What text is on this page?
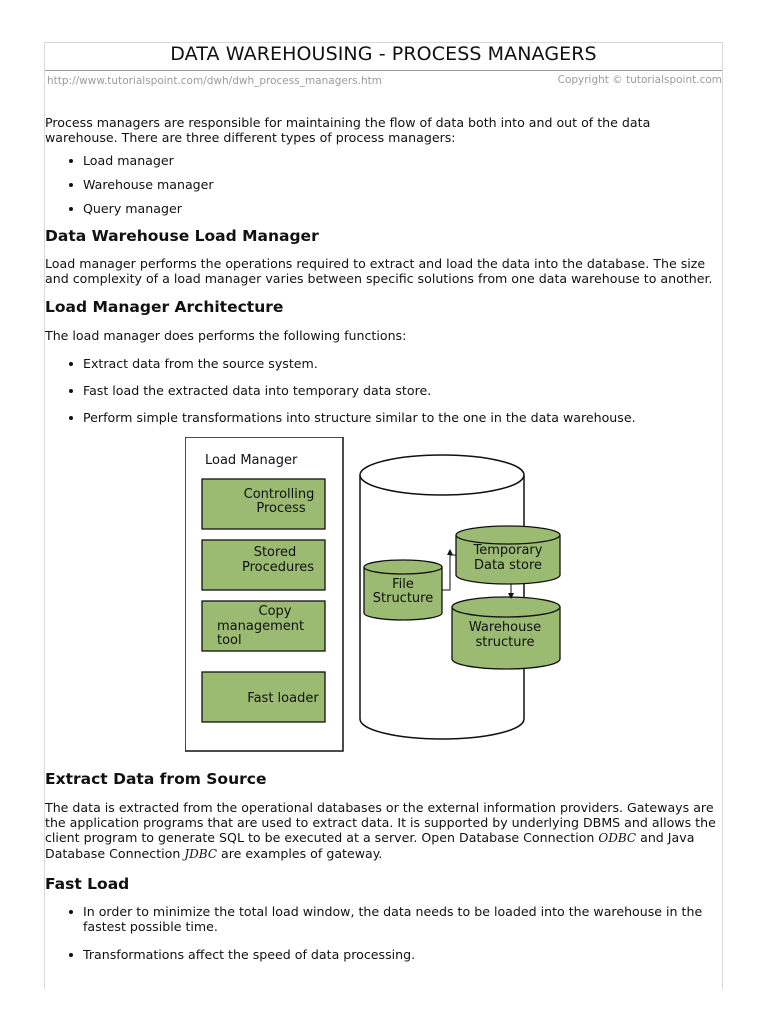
DATA WAREHOUSING - PROCESS MANAGERS
http://www.tutorialspoint.com/dwh/dwh_process_managers.htm	Copyright © tutorialspoint.com

Process managers are responsible for maintaining the flow of data both into and out of the data warehouse. There are three different types of process managers:

Load manager
Warehouse manager
Query manager
Data Warehouse Load Manager

Load manager performs the operations required to extract and load the data into the database. The size and complexity of a load manager varies between specific solutions from one data warehouse to another.

Load Manager Architecture

The load manager does performs the following functions:

Extract data from the source system.
Fast load the extracted data into temporary data store.
Perform simple transformations into structure similar to the one in the data warehouse.
Load Manager
Controlling
Process
Stored
Procedures
Copy
management
tool
Fast loader
Temporary
Data store
File
Structure
Warehouse
structure
Extract Data from Source

The data is extracted from the operational databases or the external information providers. Gateways are the application programs that are used to extract data. It is supported by underlying DBMS and allows the client program to generate SQL to be executed at a server. Open Database Connection ODBC and Java Database Connection JDBC are examples of gateway.

Fast Load
In order to minimize the total load window, the data needs to be loaded into the warehouse in the fastest possible time.
Transformations affect the speed of data processing.
